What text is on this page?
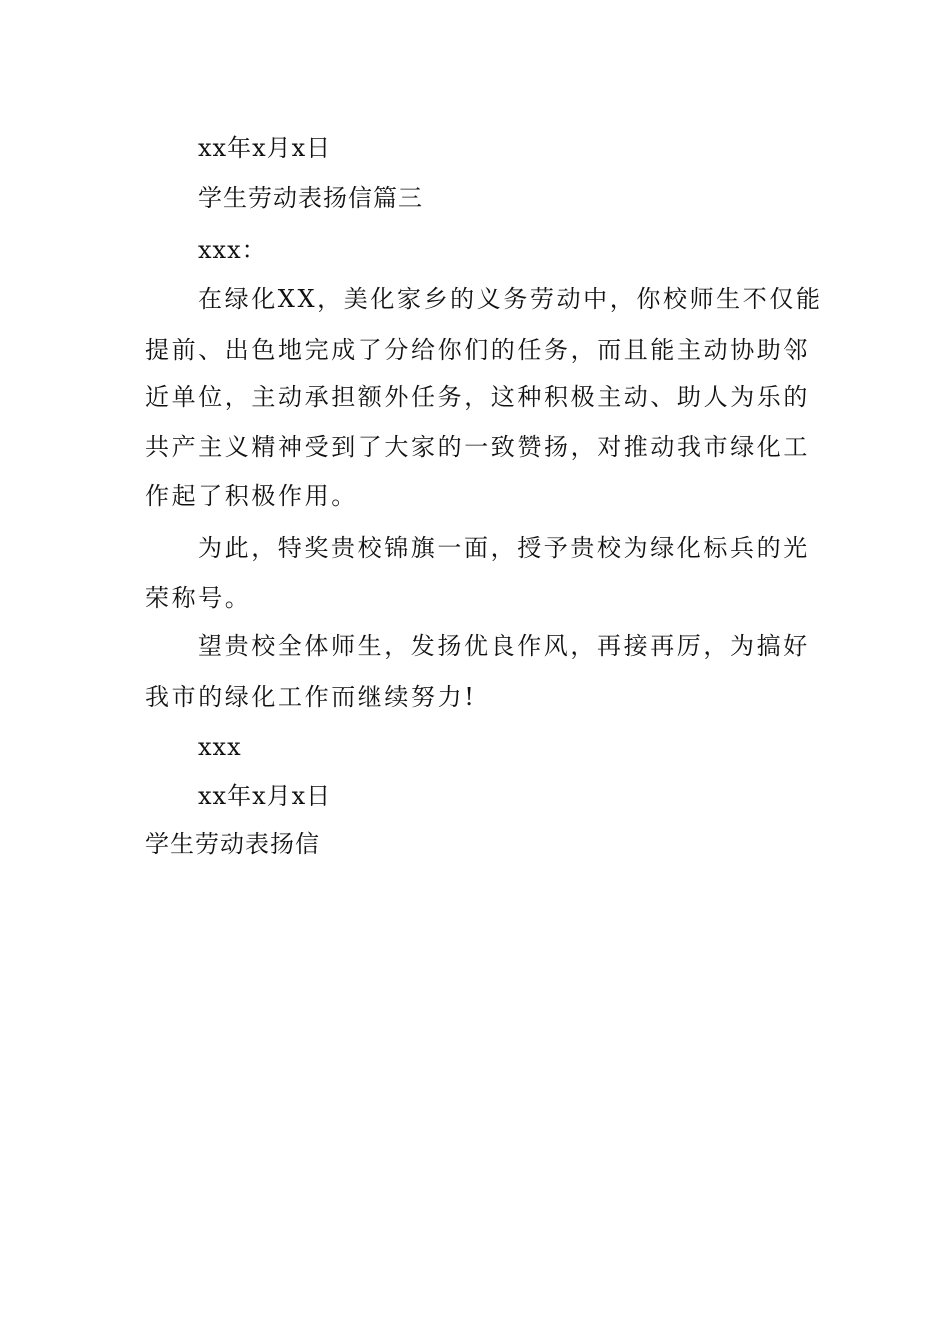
xx年x月x日
学生劳动表扬信篇三
xxx：
在绿化XX，美化家乡的义务劳动中，你校师生不仅能
提前、出色地完成了分给你们的任务，而且能主动协助邻
近单位，主动承担额外任务，这种积极主动、助人为乐的
共产主义精神受到了大家的一致赞扬，对推动我市绿化工
作起了积极作用。
为此，特奖贵校锦旗一面，授予贵校为绿化标兵的光
荣称号。
望贵校全体师生，发扬优良作风，再接再厉，为搞好
我市的绿化工作而继续努力!
xxx
xx年x月x日
学生劳动表扬信
